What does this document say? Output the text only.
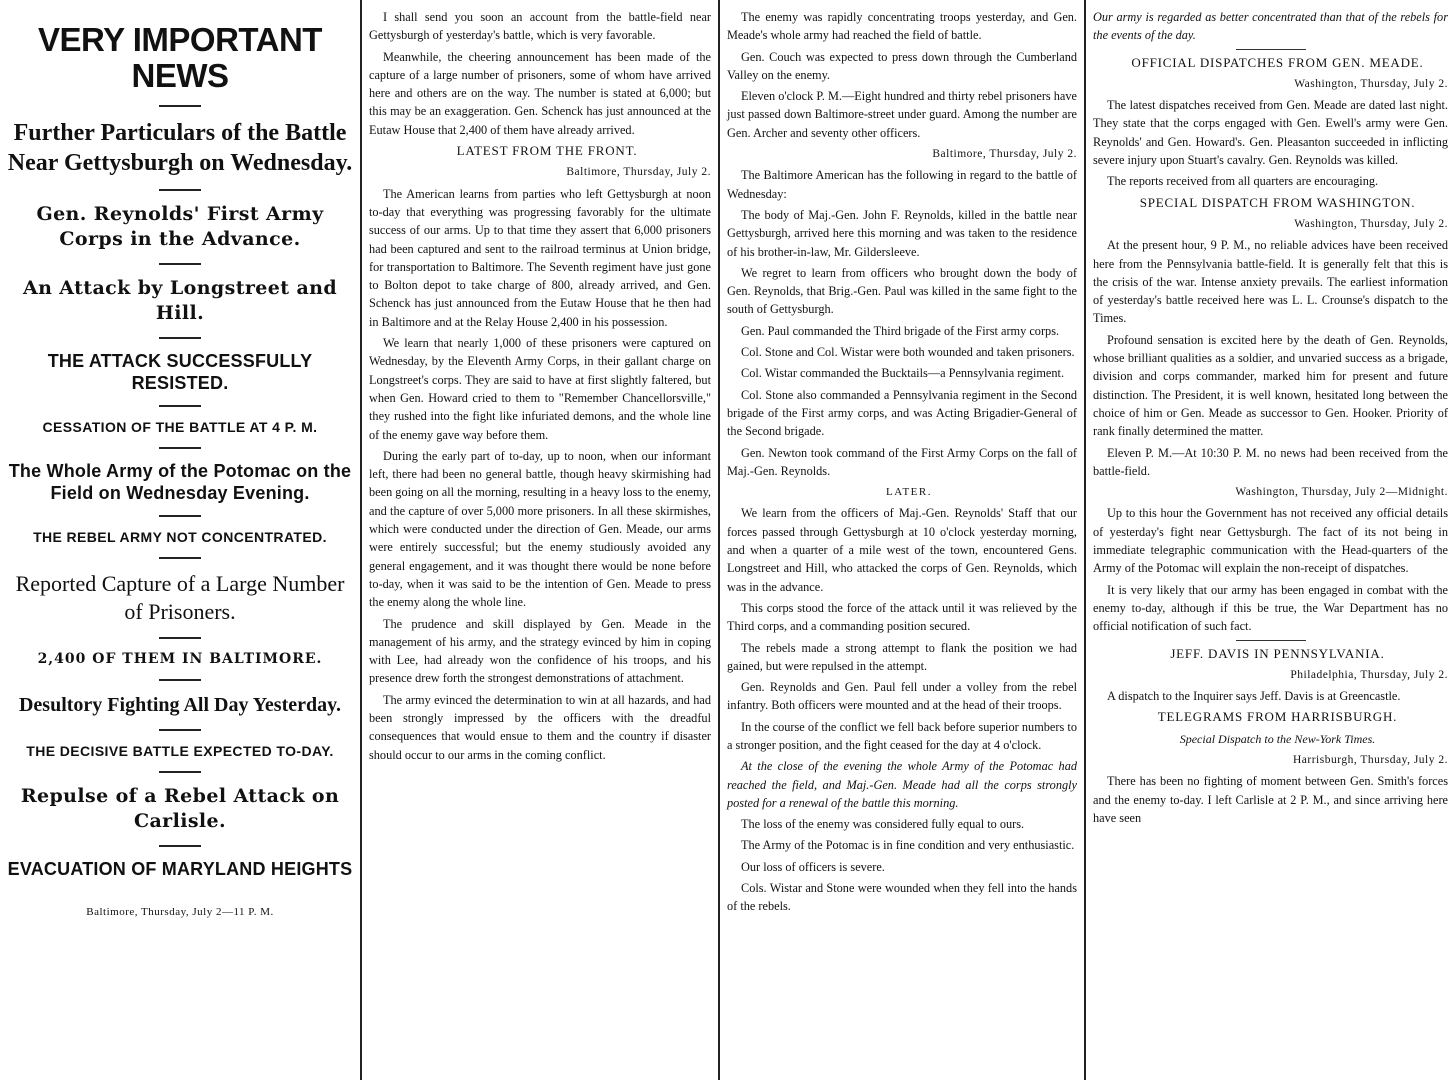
VERY IMPORTANT NEWS

Further Particulars of the Battle Near Gettysburgh on Wednesday.

Gen. Reynolds' First Army Corps in the Advance.

An Attack by Longstreet and Hill.

THE ATTACK SUCCESSFULLY RESISTED.

CESSATION OF THE BATTLE AT 4 P. M.

The Whole Army of the Potomac on the Field on Wednesday Evening.

THE REBEL ARMY NOT CONCENTRATED.

Reported Capture of a Large Number of Prisoners.

2,400 OF THEM IN BALTIMORE.

Desultory Fighting All Day Yesterday.

THE DECISIVE BATTLE EXPECTED TO-DAY.

Repulse of a Rebel Attack on Carlisle.

EVACUATION OF MARYLAND HEIGHTS

Baltimore, Thursday, July 2—11 P. M.

I shall send you soon an account from the battle-field near Gettysburgh of yesterday's battle, which is very favorable.

Meanwhile, the cheering announcement has been made of the capture of a large number of prisoners, some of whom have arrived here and others are on the way. The number is stated at 6,000; but this may be an exaggeration. Gen. Schenck has just announced at the Eutaw House that 2,400 of them have already arrived.

LATEST FROM THE FRONT.

Baltimore, Thursday, July 2.

The American learns from parties who left Gettysburgh at noon to-day that everything was progressing favorably for the ultimate success of our arms. Up to that time they assert that 6,000 prisoners had been captured and sent to the railroad terminus at Union bridge, for transportation to Baltimore. The Seventh regiment have just gone to Bolton depot to take charge of 800, already arrived, and Gen. Schenck has just announced from the Eutaw House that he then had in Baltimore and at the Relay House 2,400 in his possession.

We learn that nearly 1,000 of these prisoners were captured on Wednesday, by the Eleventh Army Corps, in their gallant charge on Longstreet's corps. They are said to have at first slightly faltered, but when Gen. Howard cried to them to "Remember Chancellorsville," they rushed into the fight like infuriated demons, and the whole line of the enemy gave way before them.

During the early part of to-day, up to noon, when our informant left, there had been no general battle, though heavy skirmishing had been going on all the morning, resulting in a heavy loss to the enemy, and the capture of over 5,000 more prisoners. In all these skirmishes, which were conducted under the direction of Gen. Meade, our arms were entirely successful; but the enemy studiously avoided any general engagement, and it was thought there would be none before to-day, when it was said to be the intention of Gen. Meade to press the enemy along the whole line.

The prudence and skill displayed by Gen. Meade in the management of his army, and the strategy evinced by him in coping with Lee, had already won the confidence of his troops, and his presence drew forth the strongest demonstrations of attachment.

The army evinced the determination to win at all hazards, and had been strongly impressed by the officers with the dreadful consequences that would ensue to them and the country if disaster should occur to our arms in the coming conflict.

The enemy was rapidly concentrating troops yesterday, and Gen. Meade's whole army had reached the field of battle.

Gen. Couch was expected to press down through the Cumberland Valley on the enemy.

Eleven o'clock P. M.—Eight hundred and thirty rebel prisoners have just passed down Baltimore-street under guard. Among the number are Gen. Archer and seventy other officers.

Baltimore, Thursday, July 2.

The Baltimore American has the following in regard to the battle of Wednesday:

The body of Maj.-Gen. John F. Reynolds, killed in the battle near Gettysburgh, arrived here this morning and was taken to the residence of his brother-in-law, Mr. Gildersleeve.

We regret to learn from officers who brought down the body of Gen. Reynolds, that Brig.-Gen. Paul was killed in the same fight to the south of Gettysburgh.

Gen. Paul commanded the Third brigade of the First army corps.

Col. Stone and Col. Wistar were both wounded and taken prisoners.

Col. Wistar commanded the Bucktails—a Pennsylvania regiment.

Col. Stone also commanded a Pennsylvania regiment in the Second brigade of the First army corps, and was Acting Brigadier-General of the Second brigade.

Gen. Newton took command of the First Army Corps on the fall of Maj.-Gen. Reynolds.

LATER.

We learn from the officers of Maj.-Gen. Reynolds' Staff that our forces passed through Gettysburgh at 10 o'clock yesterday morning, and when a quarter of a mile west of the town, encountered Gens. Longstreet and Hill, who attacked the corps of Gen. Reynolds, which was in the advance.

This corps stood the force of the attack until it was relieved by the Third corps, and a commanding position secured.

The rebels made a strong attempt to flank the position we had gained, but were repulsed in the attempt.

Gen. Reynolds and Gen. Paul fell under a volley from the rebel infantry. Both officers were mounted and at the head of their troops.

In the course of the conflict we fell back before superior numbers to a stronger position, and the fight ceased for the day at 4 o'clock.

At the close of the evening the whole Army of the Potomac had reached the field, and Maj.-Gen. Meade had all the corps strongly posted for a renewal of the battle this morning.

The loss of the enemy was considered fully equal to ours.

The Army of the Potomac is in fine condition and very enthusiastic.

Our loss of officers is severe.

Cols. Wistar and Stone were wounded when they fell into the hands of the rebels.

Our army is regarded as better concentrated than that of the rebels for the events of the day.

OFFICIAL DISPATCHES FROM GEN. MEADE.

Washington, Thursday, July 2.

The latest dispatches received from Gen. Meade are dated last night. They state that the corps engaged with Gen. Ewell's army were Gen. Reynolds' and Gen. Howard's. Gen. Pleasanton succeeded in inflicting severe injury upon Stuart's cavalry. Gen. Reynolds was killed.

The reports received from all quarters are encouraging.

SPECIAL DISPATCH FROM WASHINGTON.

Washington, Thursday, July 2.

At the present hour, 9 P. M., no reliable advices have been received here from the Pennsylvania battle-field. It is generally felt that this is the crisis of the war. Intense anxiety prevails. The earliest information of yesterday's battle received here was L. L. Crounse's dispatch to the Times.

Profound sensation is excited here by the death of Gen. Reynolds, whose brilliant qualities as a soldier, and unvaried success as a brigade, division and corps commander, marked him for present and future distinction. The President, it is well known, hesitated long between the choice of him or Gen. Meade as successor to Gen. Hooker. Priority of rank finally determined the matter.

Eleven P. M.—At 10:30 P. M. no news had been received from the battle-field.

Washington, Thursday, July 2—Midnight.

Up to this hour the Government has not received any official details of yesterday's fight near Gettysburgh. The fact of its not being in immediate telegraphic communication with the Head-quarters of the Army of the Potomac will explain the non-receipt of dispatches.

It is very likely that our army has been engaged in combat with the enemy to-day, although if this be true, the War Department has no official notification of such fact.

JEFF. DAVIS IN PENNSYLVANIA.

Philadelphia, Thursday, July 2.

A dispatch to the Inquirer says Jeff. Davis is at Greencastle.

TELEGRAMS FROM HARRISBURGH.

Special Dispatch to the New-York Times.

Harrisburgh, Thursday, July 2.

There has been no fighting of moment between Gen. Smith's forces and the enemy to-day. I left Carlisle at 2 P. M., and since arriving here have seen
